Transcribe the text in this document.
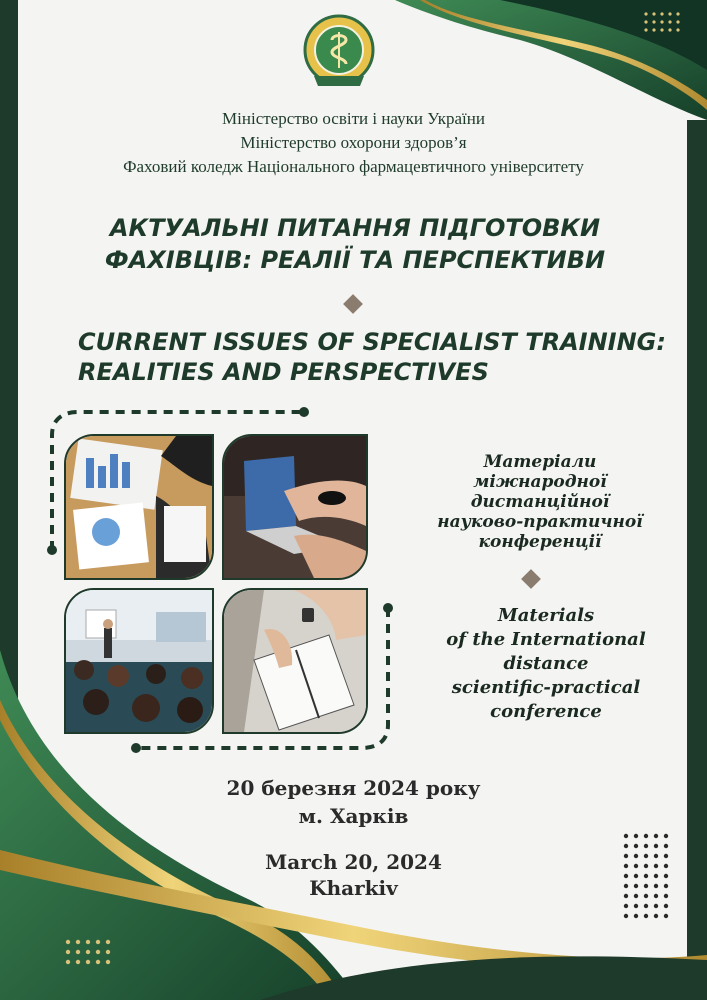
Міністерство освіти і науки України
Міністерство охорони здоров’я
Фаховий коледж Національного фармацевтичного університету
АКТУАЛЬНІ ПИТАННЯ ПІДГОТОВКИ
ФАХІВЦІВ: РЕАЛІЇ ТА ПЕРСПЕКТИВИ
CURRENT ISSUES OF SPECIALIST TRAINING:
REALITIES AND PERSPECTIVES
Матеріали
міжнародної
дистанційної
науково-практичної
конференції
Materials
of the International
distance
scientific-practical
conference
20 березня 2024 року
м. Харків
March 20, 2024
Kharkiv
